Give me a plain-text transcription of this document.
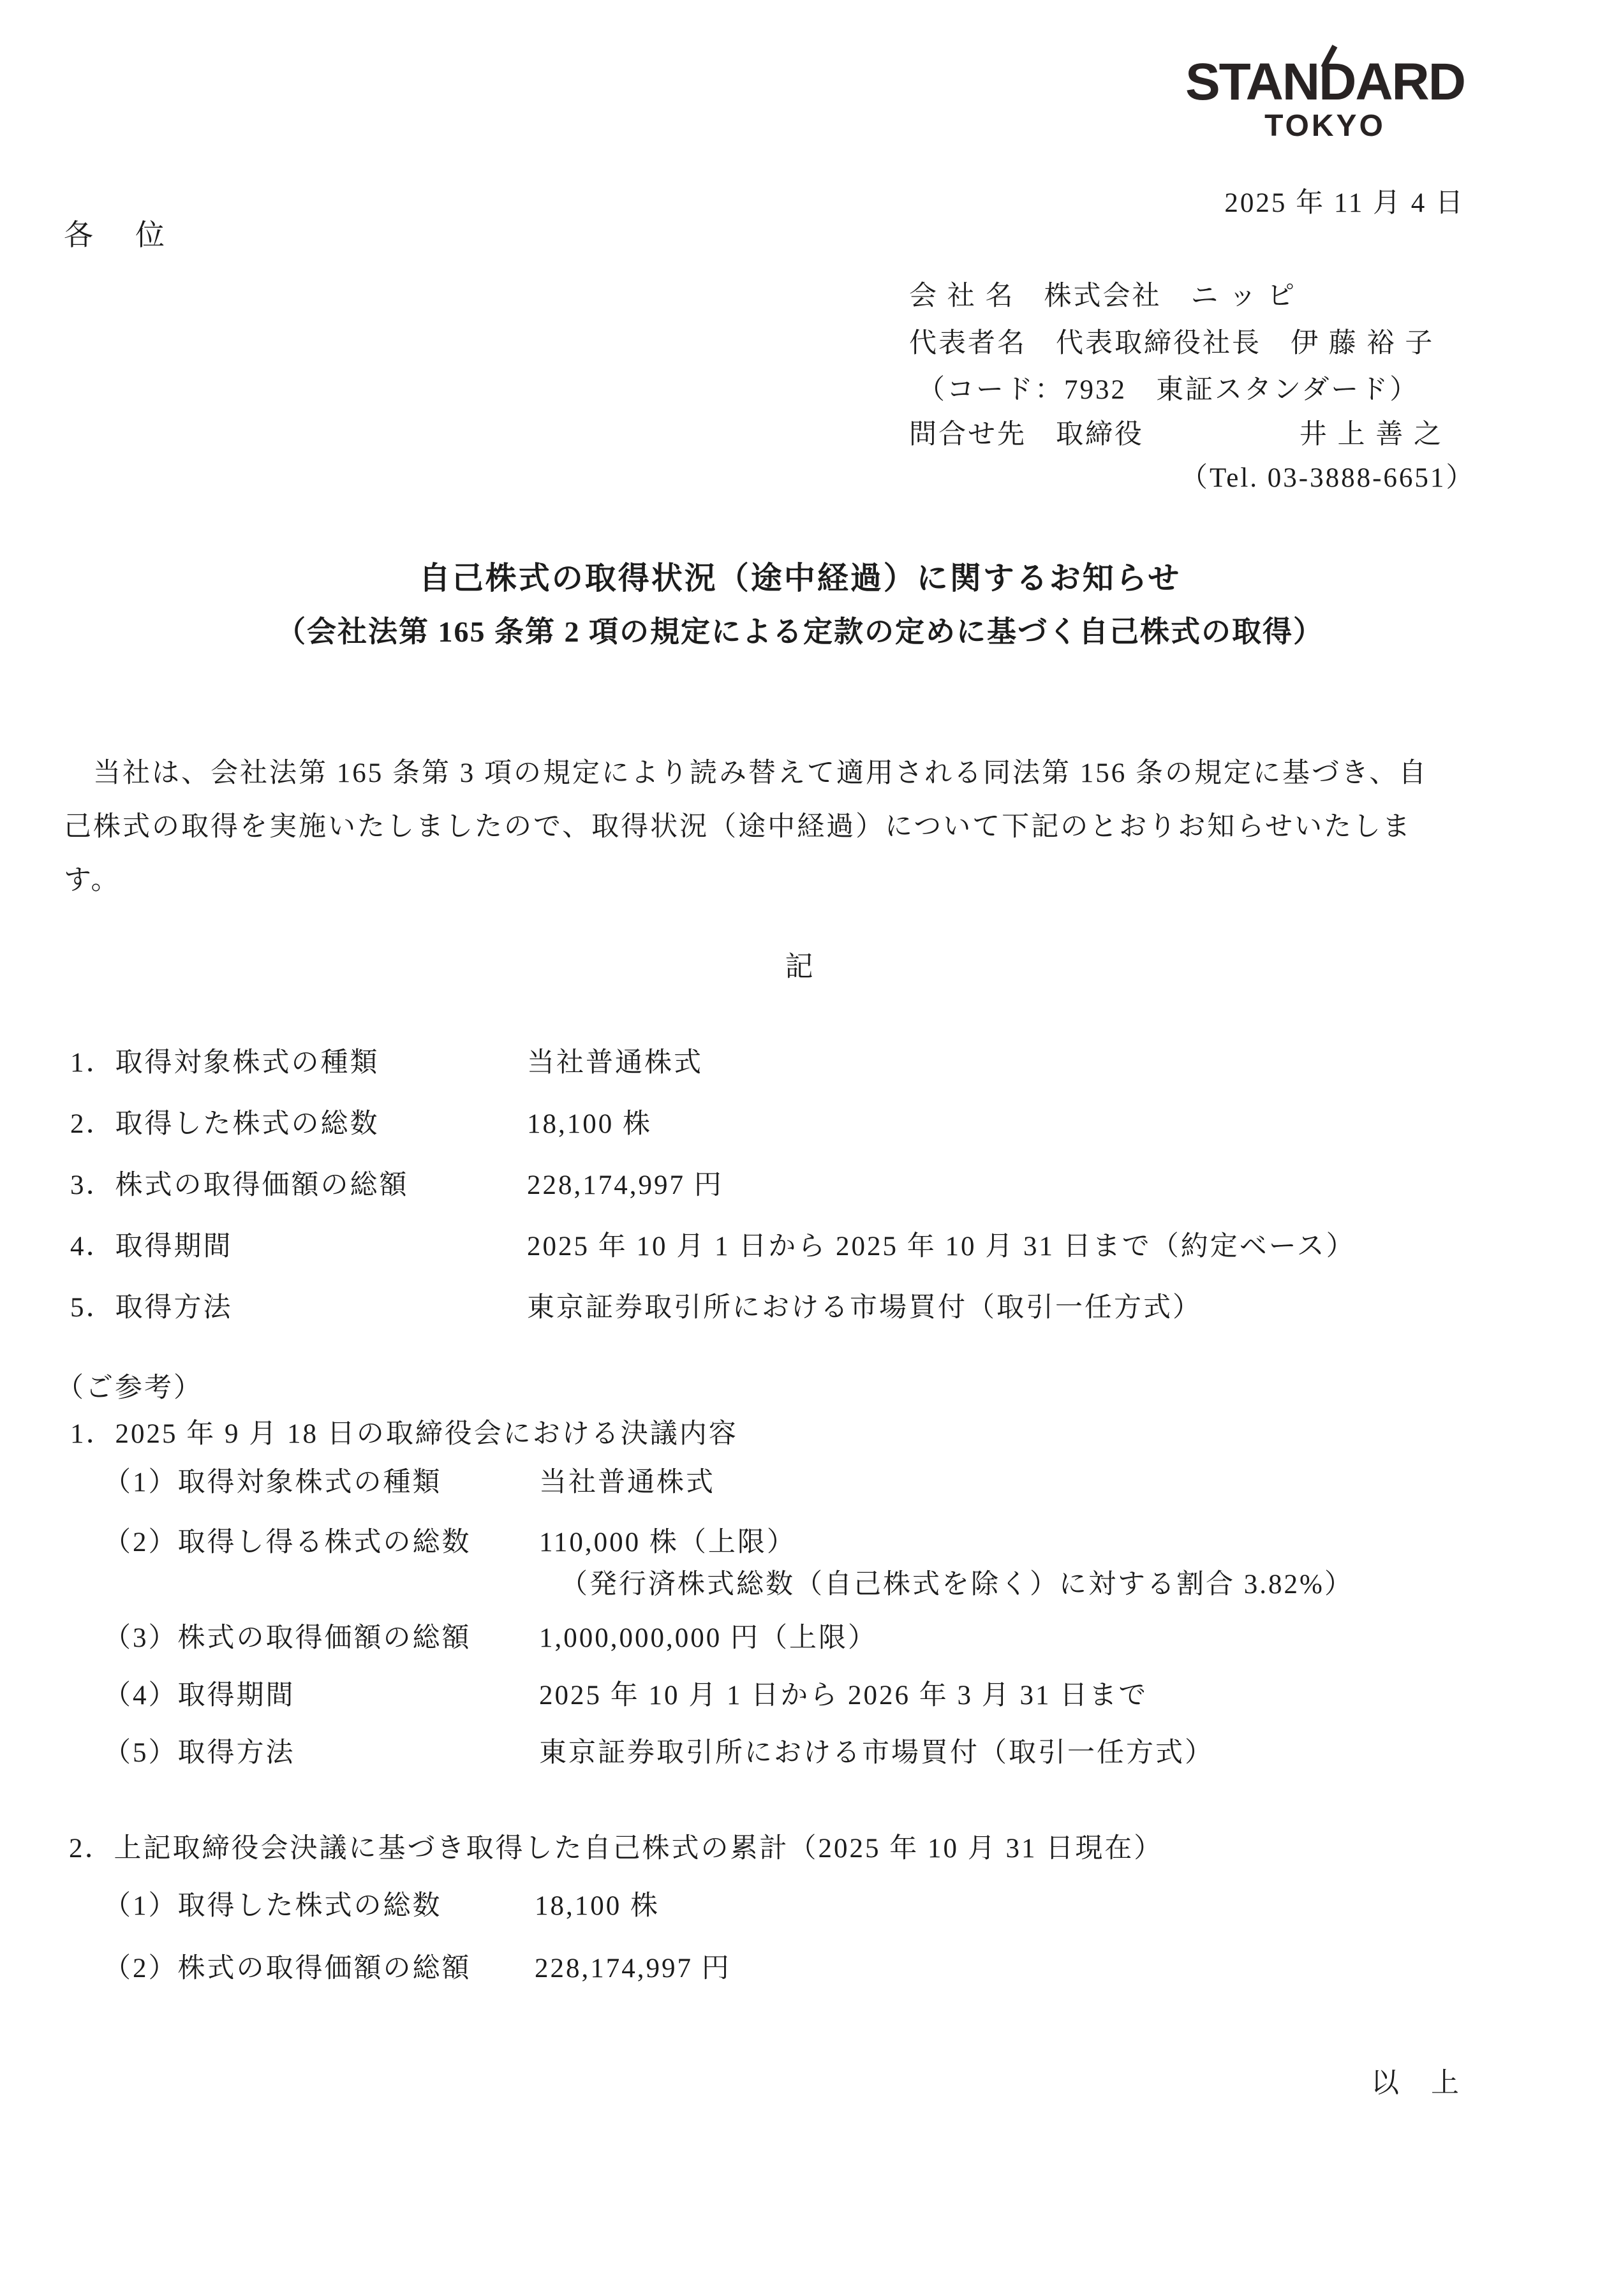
STANDARD
TOKYO
2025 年 11 月 4 日
各　位
会 社 名　株式会社　ニ ッ ピ
代表者名　代表取締役社長　伊 藤 裕 子
（コード：7932　東証スタンダード）
問合せ先　取締役　　　　　 井 上 善 之
（Tel. 03-3888-6651）
自己株式の取得状況（途中経過）に関するお知らせ
（会社法第 165 条第 2 項の規定による定款の定めに基づく自己株式の取得）
　当社は、会社法第 165 条第 3 項の規定により読み替えて適用される同法第 156 条の規定に基づき、自
己株式の取得を実施いたしましたので、取得状況（途中経過）について下記のとおりお知らせいたしま
す。
記
1．取得対象株式の種類	当社普通株式
2．取得した株式の総数	18,100 株
3．株式の取得価額の総額	228,174,997 円
4．取得期間	2025 年 10 月 1 日から 2025 年 10 月 31 日まで（約定ベース）
5．取得方法	東京証券取引所における市場買付（取引一任方式）
（ご参考）
1．2025 年 9 月 18 日の取締役会における決議内容
（1）取得対象株式の種類	当社普通株式
（2）取得し得る株式の総数 110,000 株（上限）
（発行済株式総数（自己株式を除く）に対する割合 3.82%）
（3）株式の取得価額の総額 1,000,000,000 円（上限）
（4）取得期間	2025 年 10 月 1 日から 2026 年 3 月 31 日まで
（5）取得方法	東京証券取引所における市場買付（取引一任方式）
2．上記取締役会決議に基づき取得した自己株式の累計（2025 年 10 月 31 日現在）
（1）取得した株式の総数	18,100 株
（2）株式の取得価額の総額 228,174,997 円
以　上
